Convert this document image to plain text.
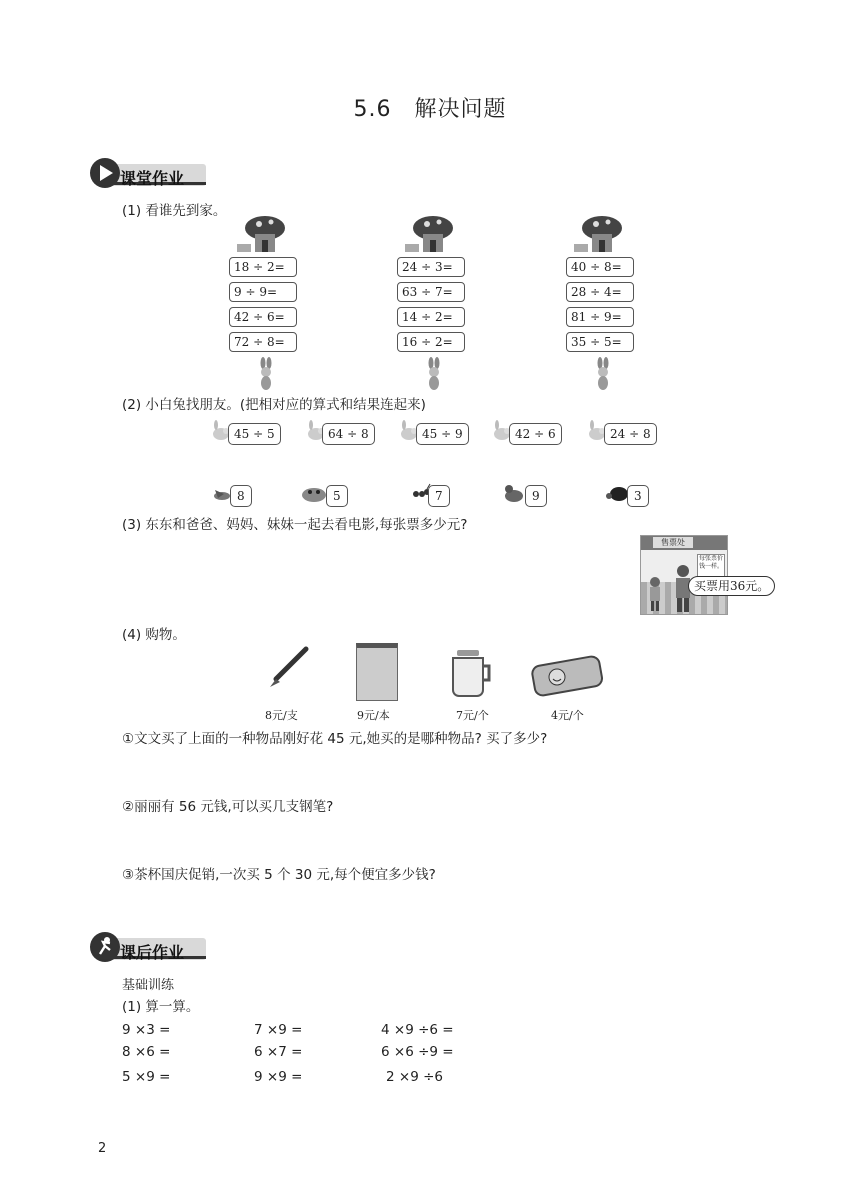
5.6　解决问题
课堂作业
(1) 看谁先到家。
18 ÷ 2=
9 ÷ 9=
42 ÷ 6=
72 ÷ 8=
24 ÷ 3=
63 ÷ 7=
14 ÷ 2=
16 ÷ 2=
40 ÷ 8=
28 ÷ 4=
81 ÷ 9=
35 ÷ 5=
(2) 小白兔找朋友。(把相对应的算式和结果连起来)
45 ÷ 5	64 ÷ 8	45 ÷ 9	42 ÷ 6	24 ÷ 8
8	5	7	9	3
(3) 东东和爸爸、妈妈、妹妹一起去看电影,每张票多少元?
售票处
每张票价钱一样。
买票用36元。
(4) 购物。
8元/支	9元/本	7元/个	4元/个
①文文买了上面的一种物品刚好花 45 元,她买的是哪种物品? 买了多少?
②丽丽有 56 元钱,可以买几支钢笔?
③茶杯国庆促销,一次买 5 个 30 元,每个便宜多少钱?
课后作业
基础训练
(1) 算一算。
9 ×3 =	7 ×9 =	4 ×9 ÷6 =
8 ×6 =	6 ×7 =	6 ×6 ÷9 =
5 ×9 =	9 ×9 =	2 ×9 ÷6
2
